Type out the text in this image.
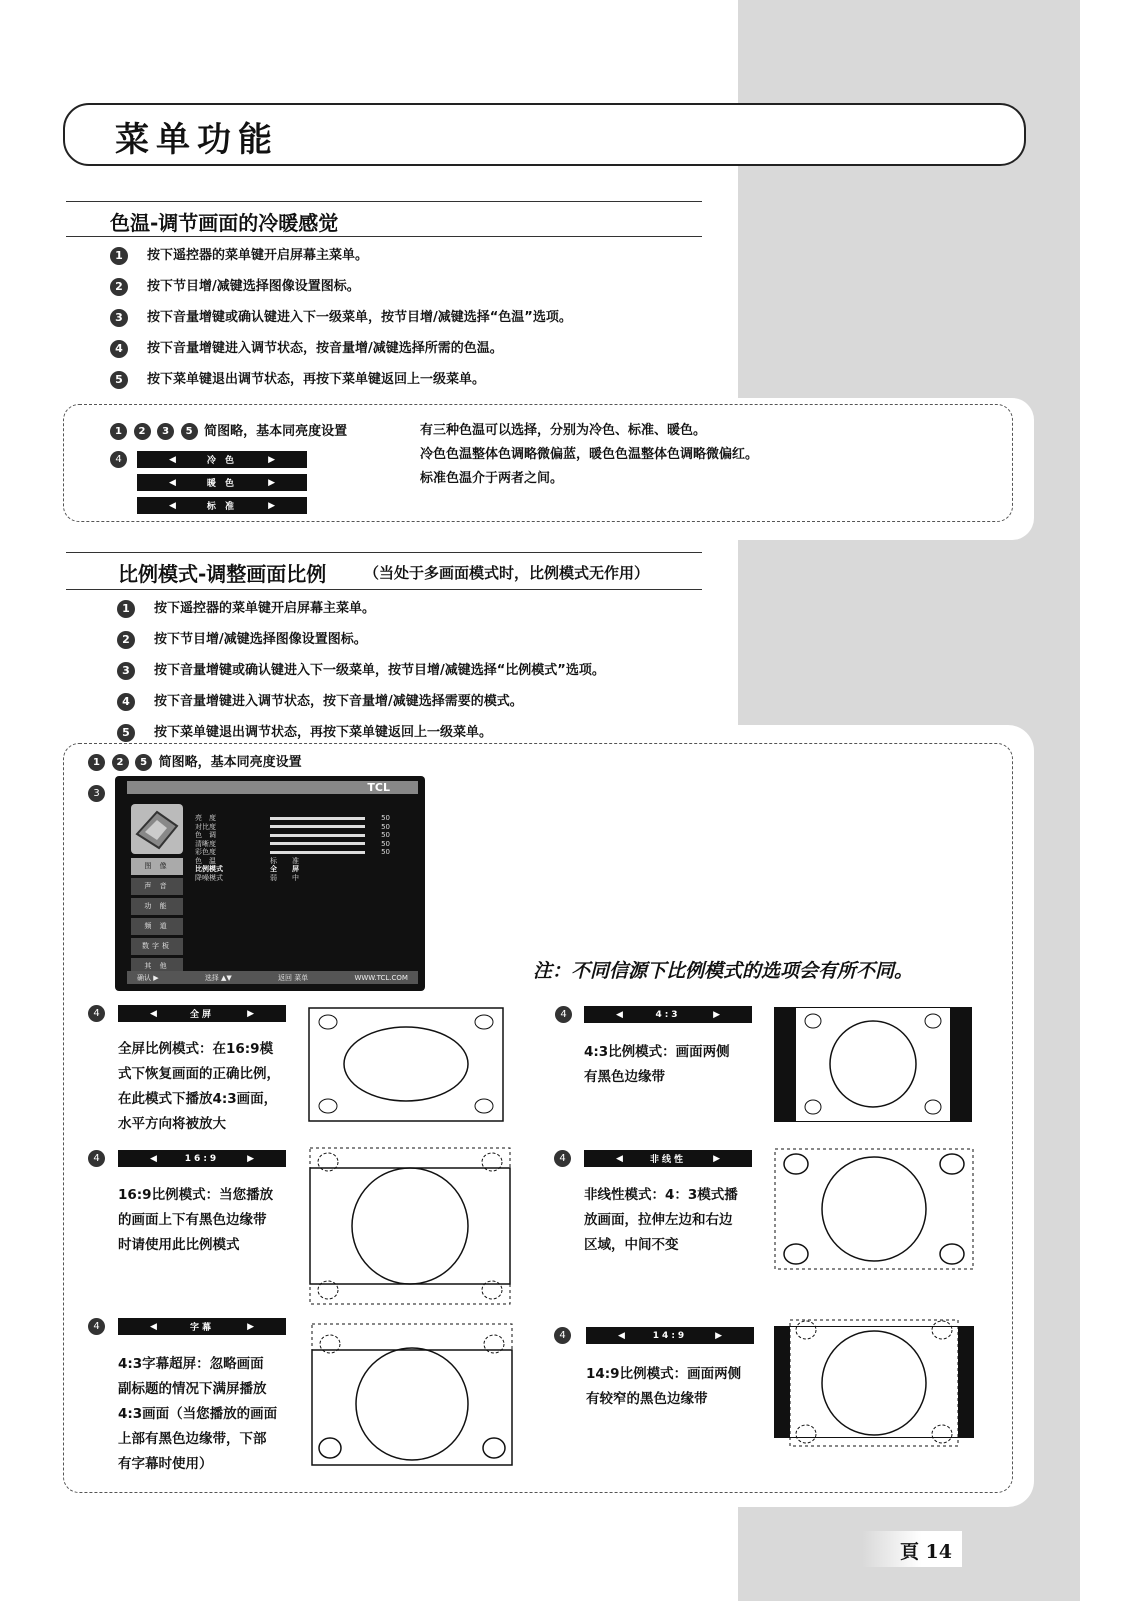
菜单功能
色温-调节画面的冷暖感觉
1 按下遥控器的菜单键开启屏幕主菜单。
2 按下节目增/减键选择图像设置图标。
3 按下音量增键或确认键进入下一级菜单，按节目增/减键选择“色温”选项。
4 按下音量增键进入调节状态，按音量增/减键选择所需的色温。
5 按下菜单键退出调节状态，再按下菜单键返回上一级菜单。
1 2 3 5 简图略，基本同亮度设置
4	◀	冷 色	▶
◀	暖 色	▶
◀	标 准	▶
有三种色温可以选择，分别为冷色、标准、暖色。
冷色色温整体色调略微偏蓝，暖色色温整体色调略微偏红。
标准色温介于两者之间。
比例模式-调整画面比例	（当处于多画面模式时，比例模式无作用）
1 按下遥控器的菜单键开启屏幕主菜单。
2 按下节目增/减键选择图像设置图标。
3 按下音量增键或确认键进入下一级菜单，按节目增/减键选择“比例模式”选项。
4 按下音量增键进入调节状态，按下音量增/减键选择需要的模式。
5 按下菜单键退出调节状态，再按下菜单键返回上一级菜单。
1 2 5 简图略，基本同亮度设置
3	TCL
图 像
声 音
功 能
频 道
数字板
其 他
亮　度	50
对比度	50
色　调	50
清晰度	50
彩色度	50
色　温	标　准
比例模式	全　屏
降噪模式	弱　中
确认 ▶	选择 ▲▼	返回 菜单	WWW.TCL.COM	注：不同信源下比例模式的选项会有所不同。
4	◀	全屏	▶
全屏比例模式：在16:9模
式下恢复画面的正确比例，
在此模式下播放4:3画面，
水平方向将被放大
4	◀	4:3	▶
4:3比例模式：画面两侧
有黑色边缘带
4	◀	16:9	▶
16:9比例模式：当您播放
的画面上下有黑色边缘带
时请使用此比例模式
4	◀	非线性	▶
非线性模式：4：3模式播
放画面，拉伸左边和右边
区域，中间不变
4	◀	字幕	▶
4:3字幕超屏：忽略画面
副标题的情况下满屏播放
4:3画面（当您播放的画面
上部有黑色边缘带，下部
有字幕时使用）
4	◀	14:9	▶
14:9比例模式：画面两侧
有较窄的黑色边缘带
頁 14
